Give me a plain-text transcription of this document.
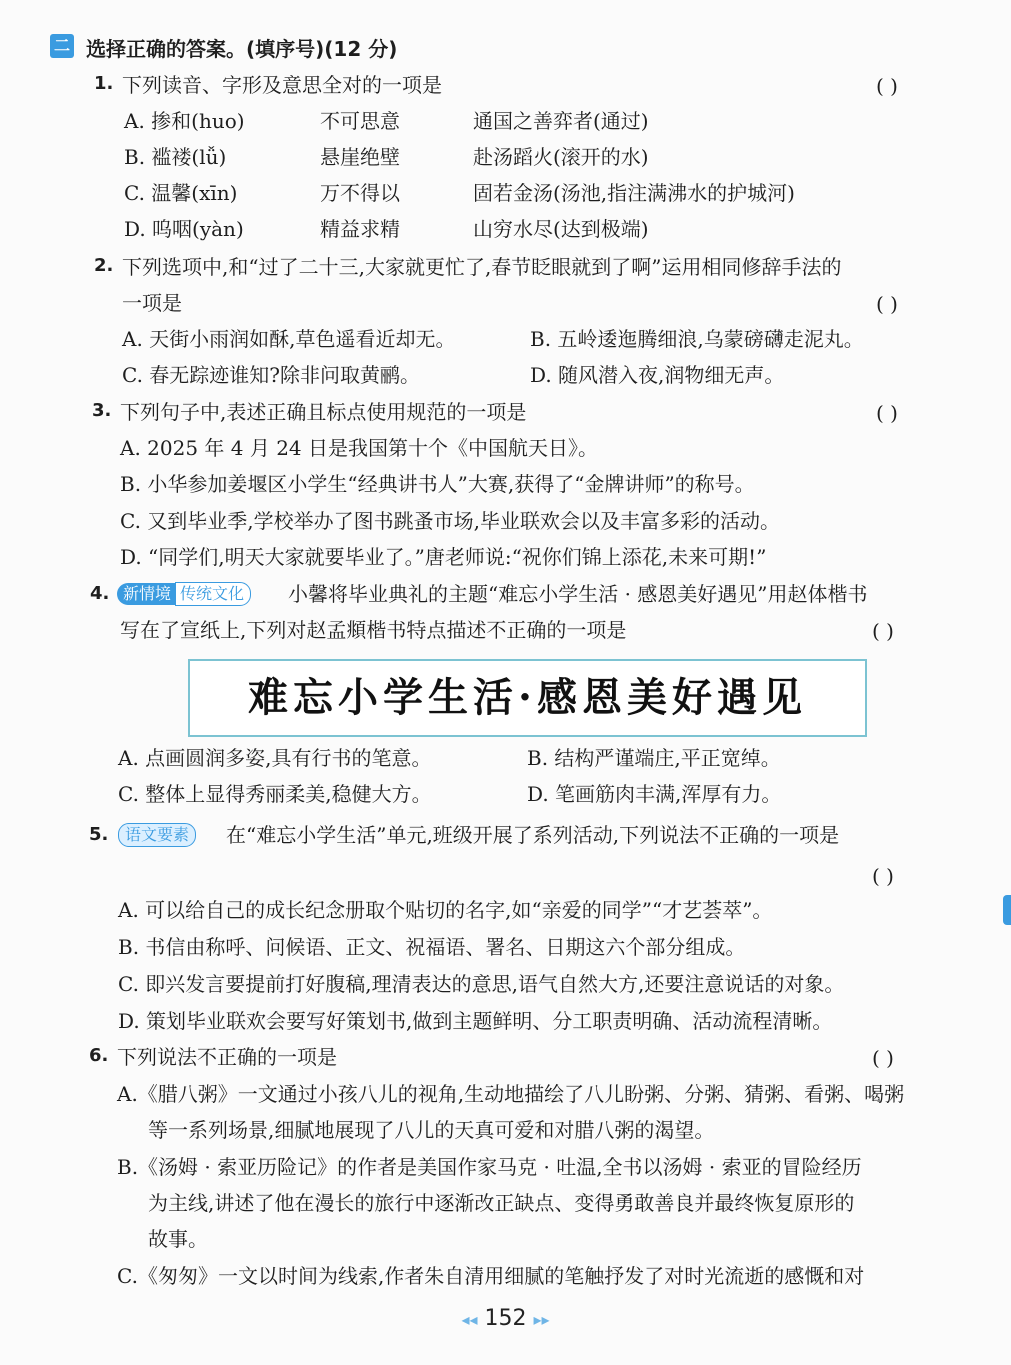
二 选择正确的答案。(填序号)(12 分)
1. 下列读音、字形及意思全对的一项是	( )
A. 掺和(huo)	不可思意	通国之善弈者(通过)
B. 褴褛(lǚ)	悬崖绝壁	赴汤蹈火(滚开的水)
C. 温馨(xīn)	万不得以	固若金汤(汤池,指注满沸水的护城河)
D. 呜咽(yàn)	精益求精	山穷水尽(达到极端)
2. 下列选项中,和“过了二十三,大家就更忙了,春节眨眼就到了啊”运用相同修辞手法的
一项是	( )
A. 天街小雨润如酥,草色遥看近却无。	B. 五岭逶迤腾细浪,乌蒙磅礴走泥丸。
C. 春无踪迹谁知?除非问取黄鹂。	D. 随风潜入夜,润物细无声。
3. 下列句子中,表述正确且标点使用规范的一项是	( )
A. 2025 年 4 月 24 日是我国第十个《中国航天日》。
B. 小华参加姜堰区小学生“经典讲书人”大赛,获得了“金牌讲师”的称号。
C. 又到毕业季,学校举办了图书跳蚤市场,毕业联欢会以及丰富多彩的活动。
D. “同学们,明天大家就要毕业了。”唐老师说:“祝你们锦上添花,未来可期!”
4. 新情境 传统文化	小馨将毕业典礼的主题“难忘小学生活 · 感恩美好遇见”用赵体楷书
写在了宣纸上,下列对赵孟頫楷书特点描述不正确的一项是	( )
难忘小学生活·感恩美好遇见
A. 点画圆润多姿,具有行书的笔意。	B. 结构严谨端庄,平正宽绰。
C. 整体上显得秀丽柔美,稳健大方。	D. 笔画筋肉丰满,浑厚有力。
5.	语文要素	在“难忘小学生活”单元,班级开展了系列活动,下列说法不正确的一项是
( )
A. 可以给自己的成长纪念册取个贴切的名字,如“亲爱的同学”“才艺荟萃”。
B. 书信由称呼、问候语、正文、祝福语、署名、日期这六个部分组成。
C. 即兴发言要提前打好腹稿,理清表达的意思,语气自然大方,还要注意说话的对象。
D. 策划毕业联欢会要写好策划书,做到主题鲜明、分工职责明确、活动流程清晰。
6. 下列说法不正确的一项是	( )
A.《腊八粥》一文通过小孩八儿的视角,生动地描绘了八儿盼粥、分粥、猜粥、看粥、喝粥
等一系列场景,细腻地展现了八儿的天真可爱和对腊八粥的渴望。
B.《汤姆 · 索亚历险记》的作者是美国作家马克 · 吐温,全书以汤姆 · 索亚的冒险经历
为主线,讲述了他在漫长的旅行中逐渐改正缺点、变得勇敢善良并最终恢复原形的
故事。
C.《匆匆》一文以时间为线索,作者朱自清用细腻的笔触抒发了对时光流逝的感慨和对
◂◂ 152 ▸▸
